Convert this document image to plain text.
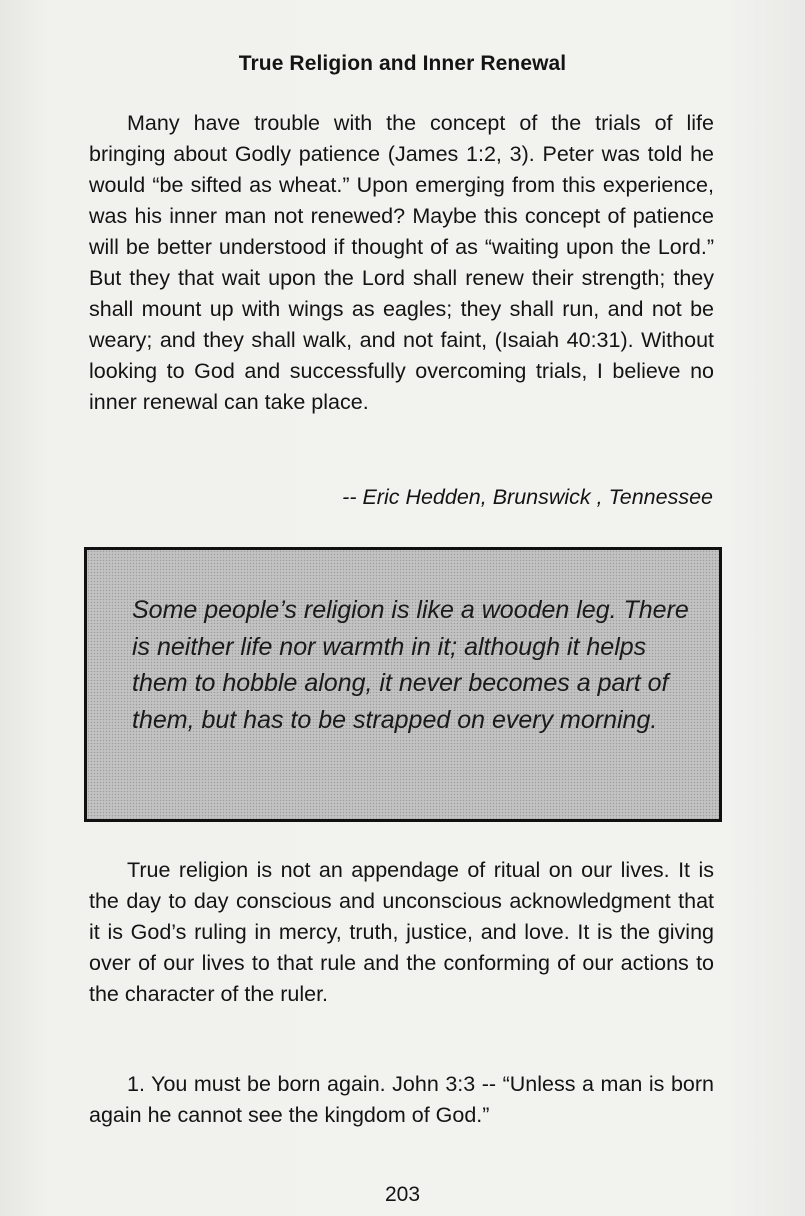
True Religion and Inner Renewal

Many have trouble with the concept of the trials of life bringing about Godly patience (James 1:2, 3). Peter was told he would “be sifted as wheat.” Upon emerging from this experience, was his inner man not renewed? Maybe this concept of patience will be better understood if thought of as “waiting upon the Lord.” But they that wait upon the Lord shall renew their strength; they shall mount up with wings as eagles; they shall run, and not be weary; and they shall walk, and not faint, (Isaiah 40:31). Without looking to God and successfully overcoming trials, I believe no inner renewal can take place.

-- Eric Hedden, Brunswick , Tennessee

Some people’s religion is like a wooden leg. There is neither life nor warmth in it; although it helps them to hobble along, it never becomes a part of them, but has to be strapped on every morning.

True religion is not an appendage of ritual on our lives. It is the day to day conscious and unconscious acknowledgment that it is God’s ruling in mercy, truth, justice, and love. It is the giving over of our lives to that rule and the conforming of our actions to the character of the ruler.

1. You must be born again. John 3:3 -- “Unless a man is born again he cannot see the kingdom of God.”

203
